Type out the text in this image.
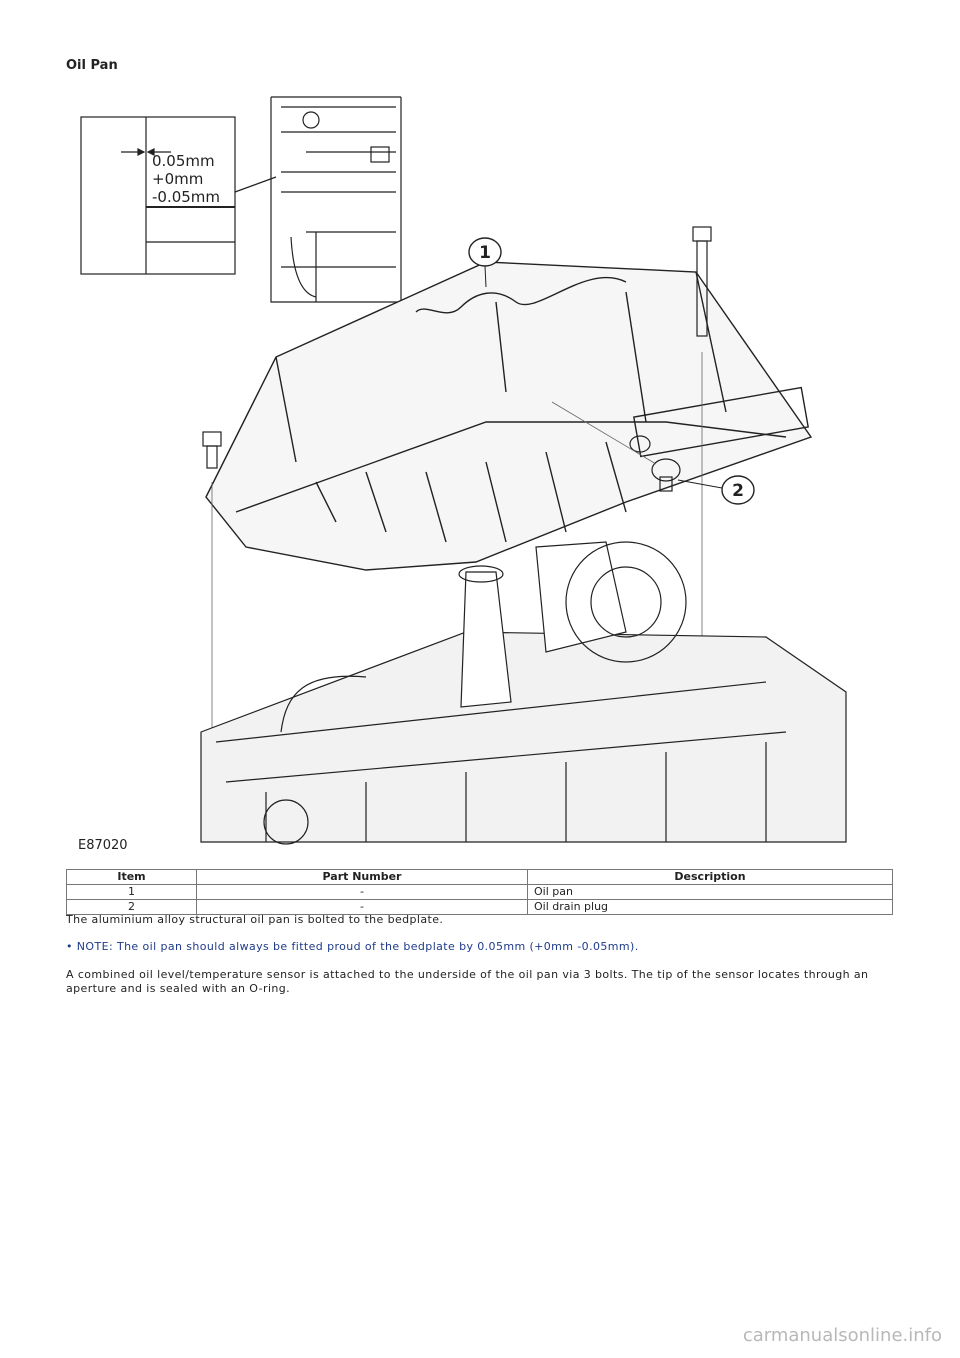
Oil Pan
0.05mm
+0mm
-0.05mm
1
2
E87020
Item	Part Number	Description
1	-	Oil pan
2	-	Oil drain plug
The aluminium alloy structural oil pan is bolted to the bedplate.
• NOTE: The oil pan should always be fitted proud of the bedplate by 0.05mm (+0mm -0.05mm).
A combined oil level/temperature sensor is attached to the underside of the oil pan via 3 bolts. The tip of the sensor locates through an aperture and is sealed with an O-ring.
carmanualsonline.info
